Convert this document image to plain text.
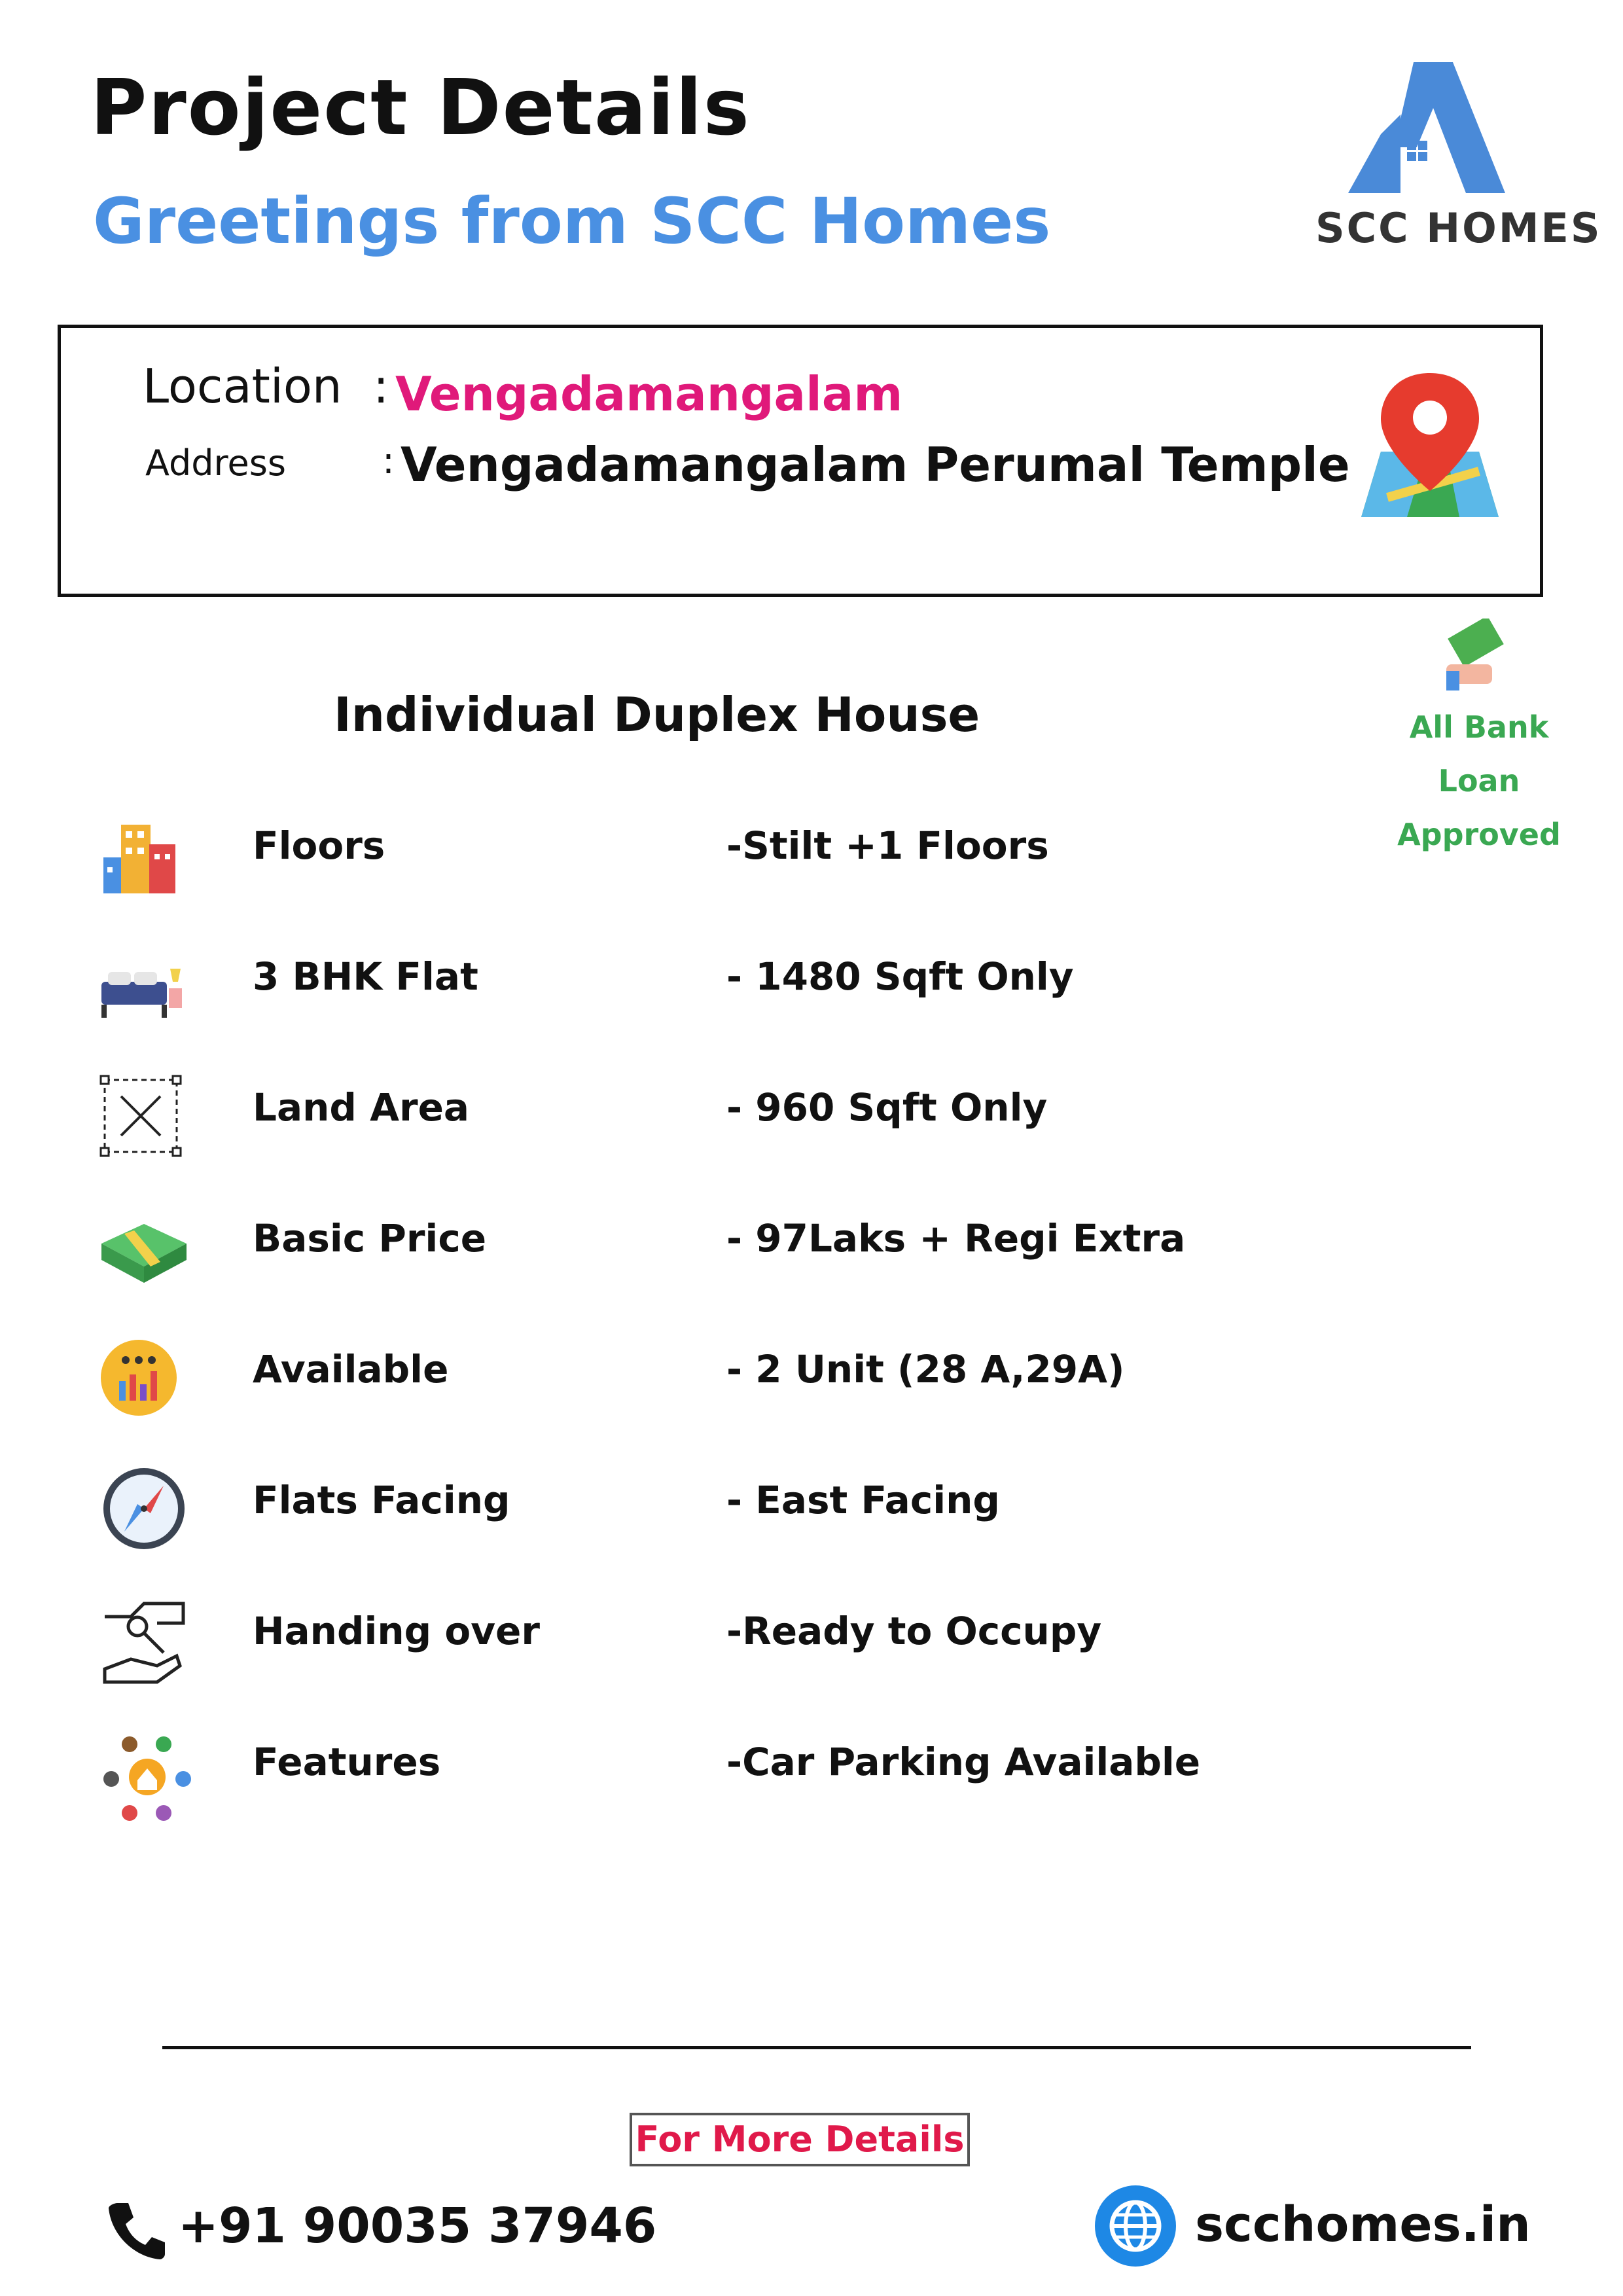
Project Details
Greetings from SCC Homes	SCC HOMES
Location : Vengadamangalam
Address	: Vengadamangalam Perumal Temple
All Bank Loan
Approved
Individual Duplex House
Floors	-Stilt +1 Floors
3 BHK Flat	- 1480 Sqft Only
Land Area	- 960 Sqft Only
Basic Price	- 97Laks + Regi Extra
Available	- 2 Unit (28 A,29A)
Flats Facing	- East Facing
Handing over	-Ready to Occupy
Features	-Car Parking Available
For More Details
+91 90035 37946	scchomes.in
